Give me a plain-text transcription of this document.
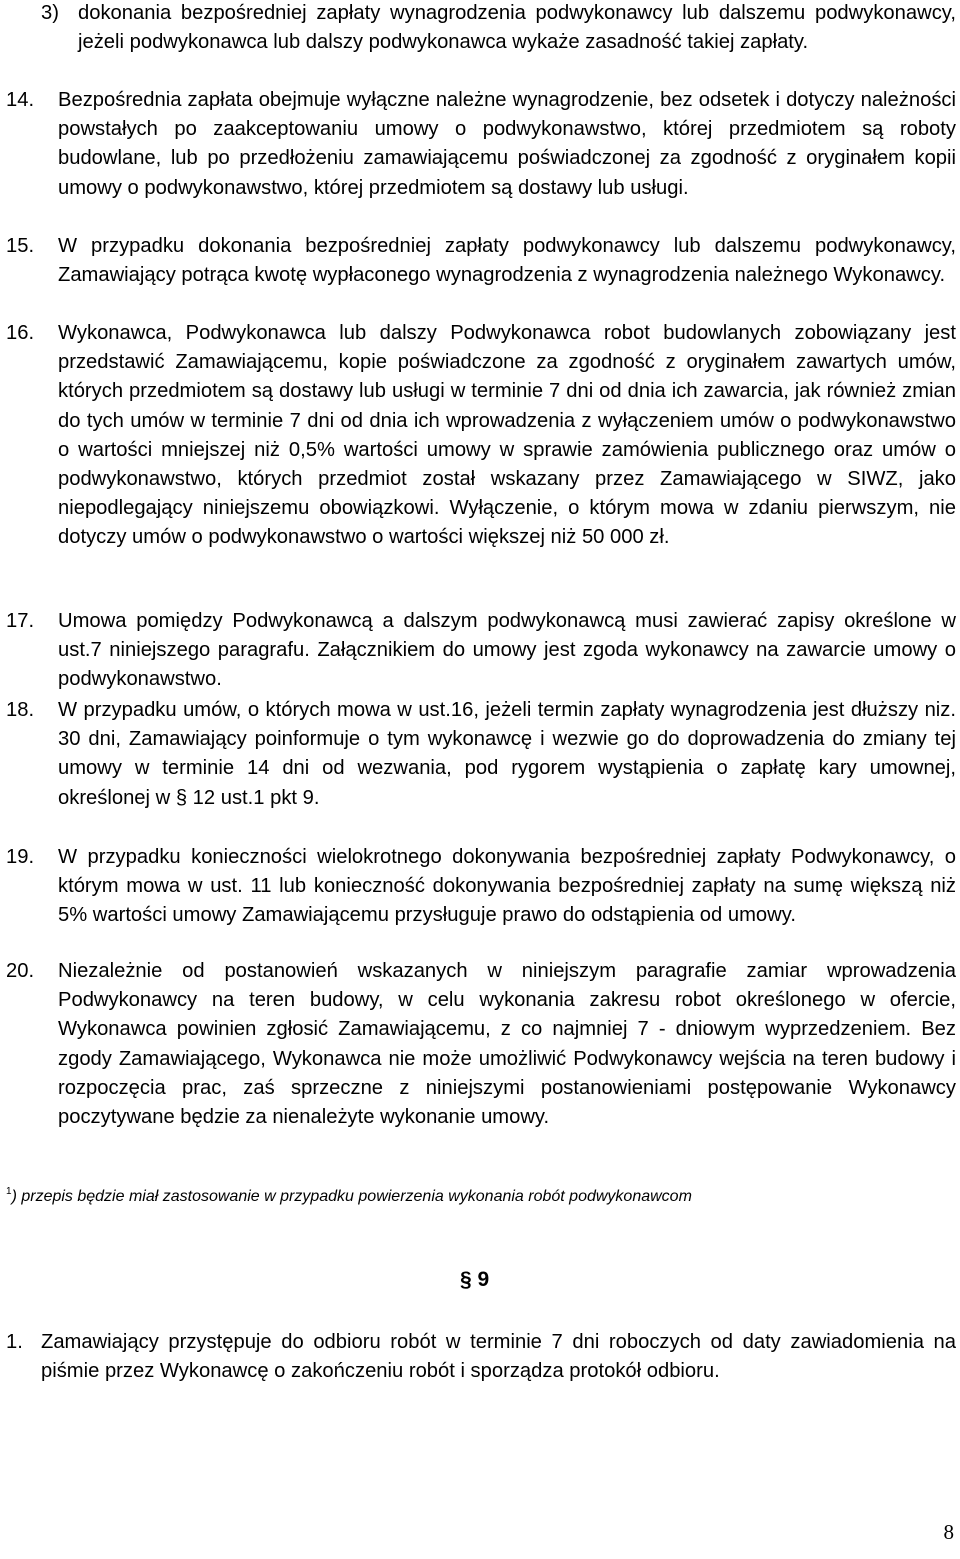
3) dokonania bezpośredniej zapłaty wynagrodzenia podwykonawcy lub dalszemu podwykonawcy, jeżeli podwykonawca lub dalszy podwykonawca wykaże zasadność takiej zapłaty.
14. Bezpośrednia zapłata obejmuje wyłączne należne wynagrodzenie, bez odsetek i dotyczy należności powstałych po zaakceptowaniu umowy o podwykonawstwo, której przedmiotem są roboty budowlane, lub po przedłożeniu zamawiającemu poświadczonej za zgodność z oryginałem kopii umowy o podwykonawstwo, której przedmiotem są dostawy lub usługi.
15. W przypadku dokonania bezpośredniej zapłaty podwykonawcy lub dalszemu podwykonawcy, Zamawiający potrąca kwotę wypłaconego wynagrodzenia z wynagrodzenia należnego Wykonawcy.
16. Wykonawca, Podwykonawca lub dalszy Podwykonawca robot budowlanych zobowiązany jest przedstawić Zamawiającemu, kopie poświadczone za zgodność z oryginałem zawartych umów, których przedmiotem są dostawy lub usługi w terminie 7 dni od dnia ich zawarcia, jak również zmian do tych umów w terminie 7 dni od dnia ich wprowadzenia z wyłączeniem umów o podwykonawstwo o wartości mniejszej niż 0,5% wartości umowy w sprawie zamówienia publicznego oraz umów o podwykonawstwo, których przedmiot został wskazany przez Zamawiającego w SIWZ, jako niepodlegający niniejszemu obowiązkowi. Wyłączenie, o którym mowa w zdaniu pierwszym, nie dotyczy umów o podwykonawstwo o wartości większej niż 50 000 zł.
17. Umowa pomiędzy Podwykonawcą a dalszym podwykonawcą musi zawierać zapisy określone w ust.7 niniejszego paragrafu. Załącznikiem do umowy jest zgoda wykonawcy na zawarcie umowy o podwykonawstwo.
18. W przypadku umów, o których mowa w ust.16, jeżeli termin zapłaty wynagrodzenia jest dłuższy niz. 30 dni, Zamawiający poinformuje o tym wykonawcę i wezwie go do doprowadzenia do zmiany tej umowy w terminie 14 dni od wezwania, pod rygorem wystąpienia o zapłatę kary umownej, określonej w § 12 ust.1 pkt 9.
19. W przypadku konieczności wielokrotnego dokonywania bezpośredniej zapłaty Podwykonawcy, o którym mowa w ust. 11 lub konieczność dokonywania bezpośredniej zapłaty na sumę większą niż 5% wartości umowy Zamawiającemu przysługuje prawo do odstąpienia od umowy.
20. Niezależnie od postanowień wskazanych w niniejszym paragrafie zamiar wprowadzenia Podwykonawcy na teren budowy, w celu wykonania zakresu robot określonego w ofercie, Wykonawca powinien zgłosić Zamawiającemu, z co najmniej 7 - dniowym wyprzedzeniem. Bez zgody Zamawiającego, Wykonawca nie może umożliwić Podwykonawcy wejścia na teren budowy i rozpoczęcia prac, zaś sprzeczne z niniejszymi postanowieniami postępowanie Wykonawcy poczytywane będzie za nienależyte wykonanie umowy.
$^1$) przepis będzie miał zastosowanie w przypadku powierzenia wykonania robót podwykonawcom
§ 9
1. Zamawiający przystępuje do odbioru robót w terminie 7 dni roboczych od daty zawiadomienia na piśmie przez Wykonawcę o zakończeniu robót i sporządza protokół odbioru.
8
